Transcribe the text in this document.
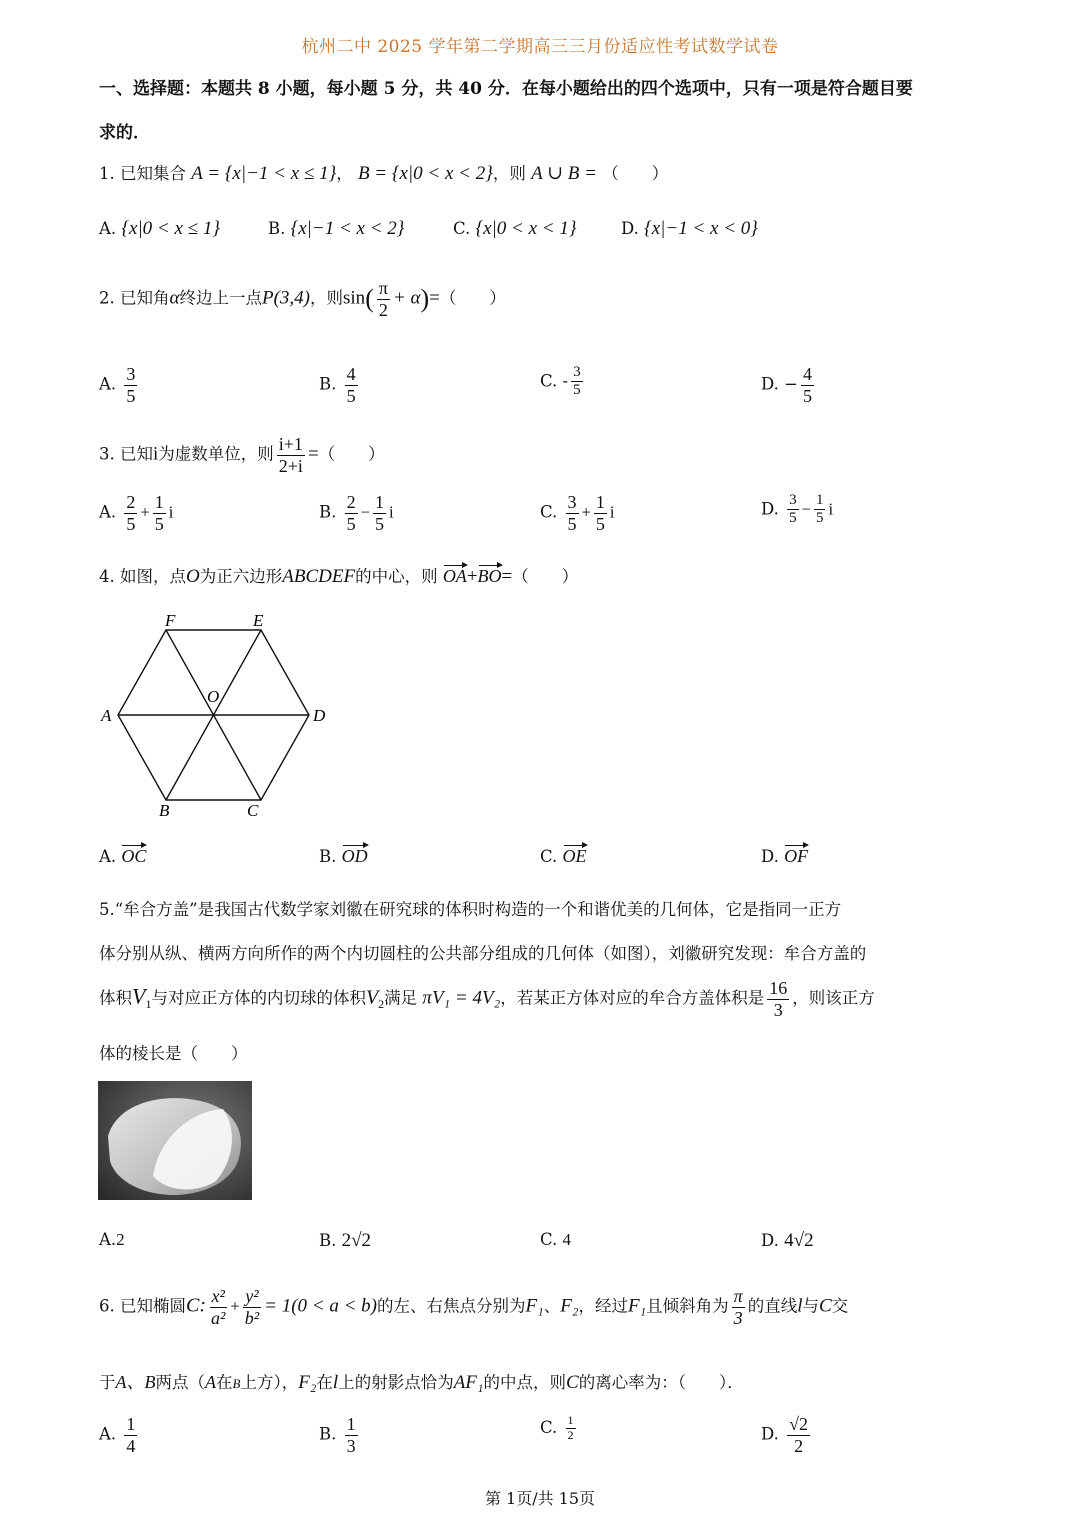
杭州二中 2025 学年第二学期高三三月份适应性考试数学试卷
一、选择题：本题共 8 小题，每小题 5 分，共 40 分．在每小题给出的四个选项中，只有一项是符合题目要
求的．
1. 已知集合 A = {x|−1 < x ≤ 1}， B = {x|0 < x < 2}，则 A ∪ B = （　　）
A. {x|0 < x ≤ 1}	B. {x|−1 < x < 2}	C. {x|0 < x < 1}	D. {x|−1 < x < 0}
2. 已知角α终边上一点P(3,4)，则$\sin( \frac{\pi}{2} + \alpha)=$（　　）
A. $\frac{3}{5}$	B. $\frac{4}{5}$	C. - $\frac{3}{5}$	D. − $\frac{4}{5}$
3. 已知i为虚数单位，则 $\frac{i+1}{2+i}$ =（　　）
A. $\frac{2}{5} + \frac{1}{5}$ i	B. $\frac{2}{5} - \frac{1}{5}$ i	C. $\frac{3}{5} + \frac{1}{5}$ i	D. $\frac{3}{5} - \frac{1}{5}$ i
4. 如图，点O为正六边形ABCDEF的中心，则 OA+BO=（　　）
F	E
O
A	D
B	C
A. OC	B. OD	C. OE	D. OF
5.“牟合方盖”是我国古代数学家刘徽在研究球的体积时构造的一个和谐优美的几何体，它是指同一正方
体分别从纵、横两方向所作的两个内切圆柱的公共部分组成的几何体（如图），刘徽研究发现：牟合方盖的
体积$V_1$与对应正方体的内切球的体积$V_2$满足 πV₁ = 4V₂，若某正方体对应的牟合方盖体积是 $\frac{16}{3}$ ，则该正方
体的棱长是（　　）
A.2	B. 2√2	C. 4	D. 4√2
6. 已知椭圆C: $\frac{\text{x²}}{\text{a²}} + \frac{\text{y²}}{\text{b²}} = 1(0 < a < b)$的左、右焦点分别为F₁、F₂，经过F₁且倾斜角为 $\frac{\pi}{3}$ 的直线l与C交
于A、B两点（A在B上方），F₂在l上的射影点恰为AF₁的中点，则C的离心率为：（　　）．
A. $\frac{1}{4}$	B. $\frac{1}{3}$	C. $\frac{1}{2}$	D. $\frac{√2}{2}$
第 1页/共 15页
